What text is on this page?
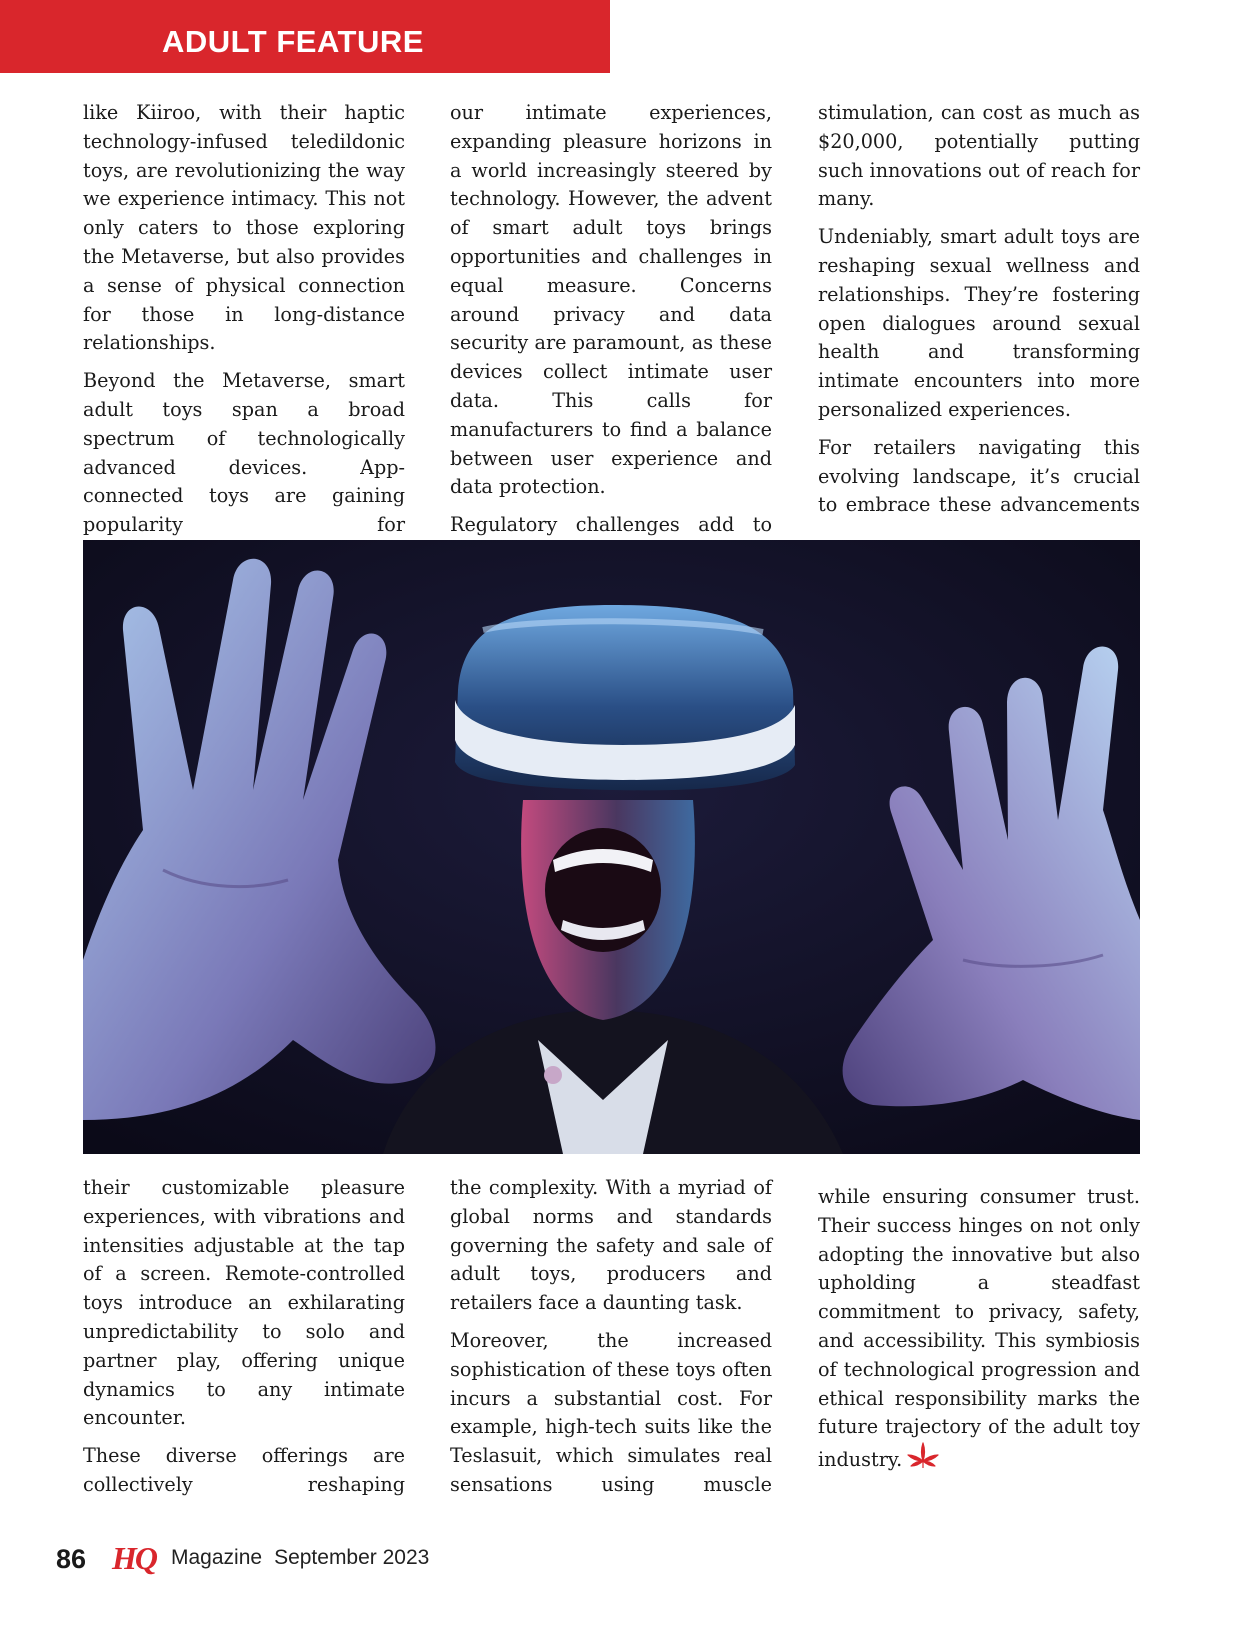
ADULT FEATURE

like Kiiroo, with their haptic technology-infused teledildonic toys, are revolutionizing the way we experience intimacy. This not only caters to those exploring the Metaverse, but also provides a sense of physical connection for those in long-distance relationships.

Beyond the Metaverse, smart adult toys span a broad spectrum of technologically advanced devices. App-connected toys are gaining popularity for

our intimate experiences, expanding pleasure horizons in a world increasingly steered by technology. However, the advent of smart adult toys brings opportunities and challenges in equal measure. Concerns around privacy and data security are paramount, as these devices collect intimate user data. This calls for manufacturers to find a balance between user experience and data protection.

Regulatory challenges add to

stimulation, can cost as much as $20,000, potentially putting such innovations out of reach for many.

Undeniably, smart adult toys are reshaping sexual wellness and relationships. They’re fostering open dialogues around sexual health and transforming intimate encounters into more personalized experiences.

For retailers navigating this evolving landscape, it’s crucial to embrace these advancements

their customizable pleasure experiences, with vibrations and intensities adjustable at the tap of a screen. Remote-controlled toys introduce an exhilarating unpredictability to solo and partner play, offering unique dynamics to any intimate encounter.

These diverse offerings are collectively reshaping

the complexity. With a myriad of global norms and standards governing the safety and sale of adult toys, producers and retailers face a daunting task.

Moreover, the increased sophistication of these toys often incurs a substantial cost. For example, high-tech suits like the Teslasuit, which simulates real sensations using muscle

while ensuring consumer trust. Their success hinges on not only adopting the innovative but also upholding a steadfast commitment to privacy, safety, and accessibility. This symbiosis of technological progression and ethical responsibility marks the future trajectory of the adult toy industry.

86 HQ Magazine September 2023
